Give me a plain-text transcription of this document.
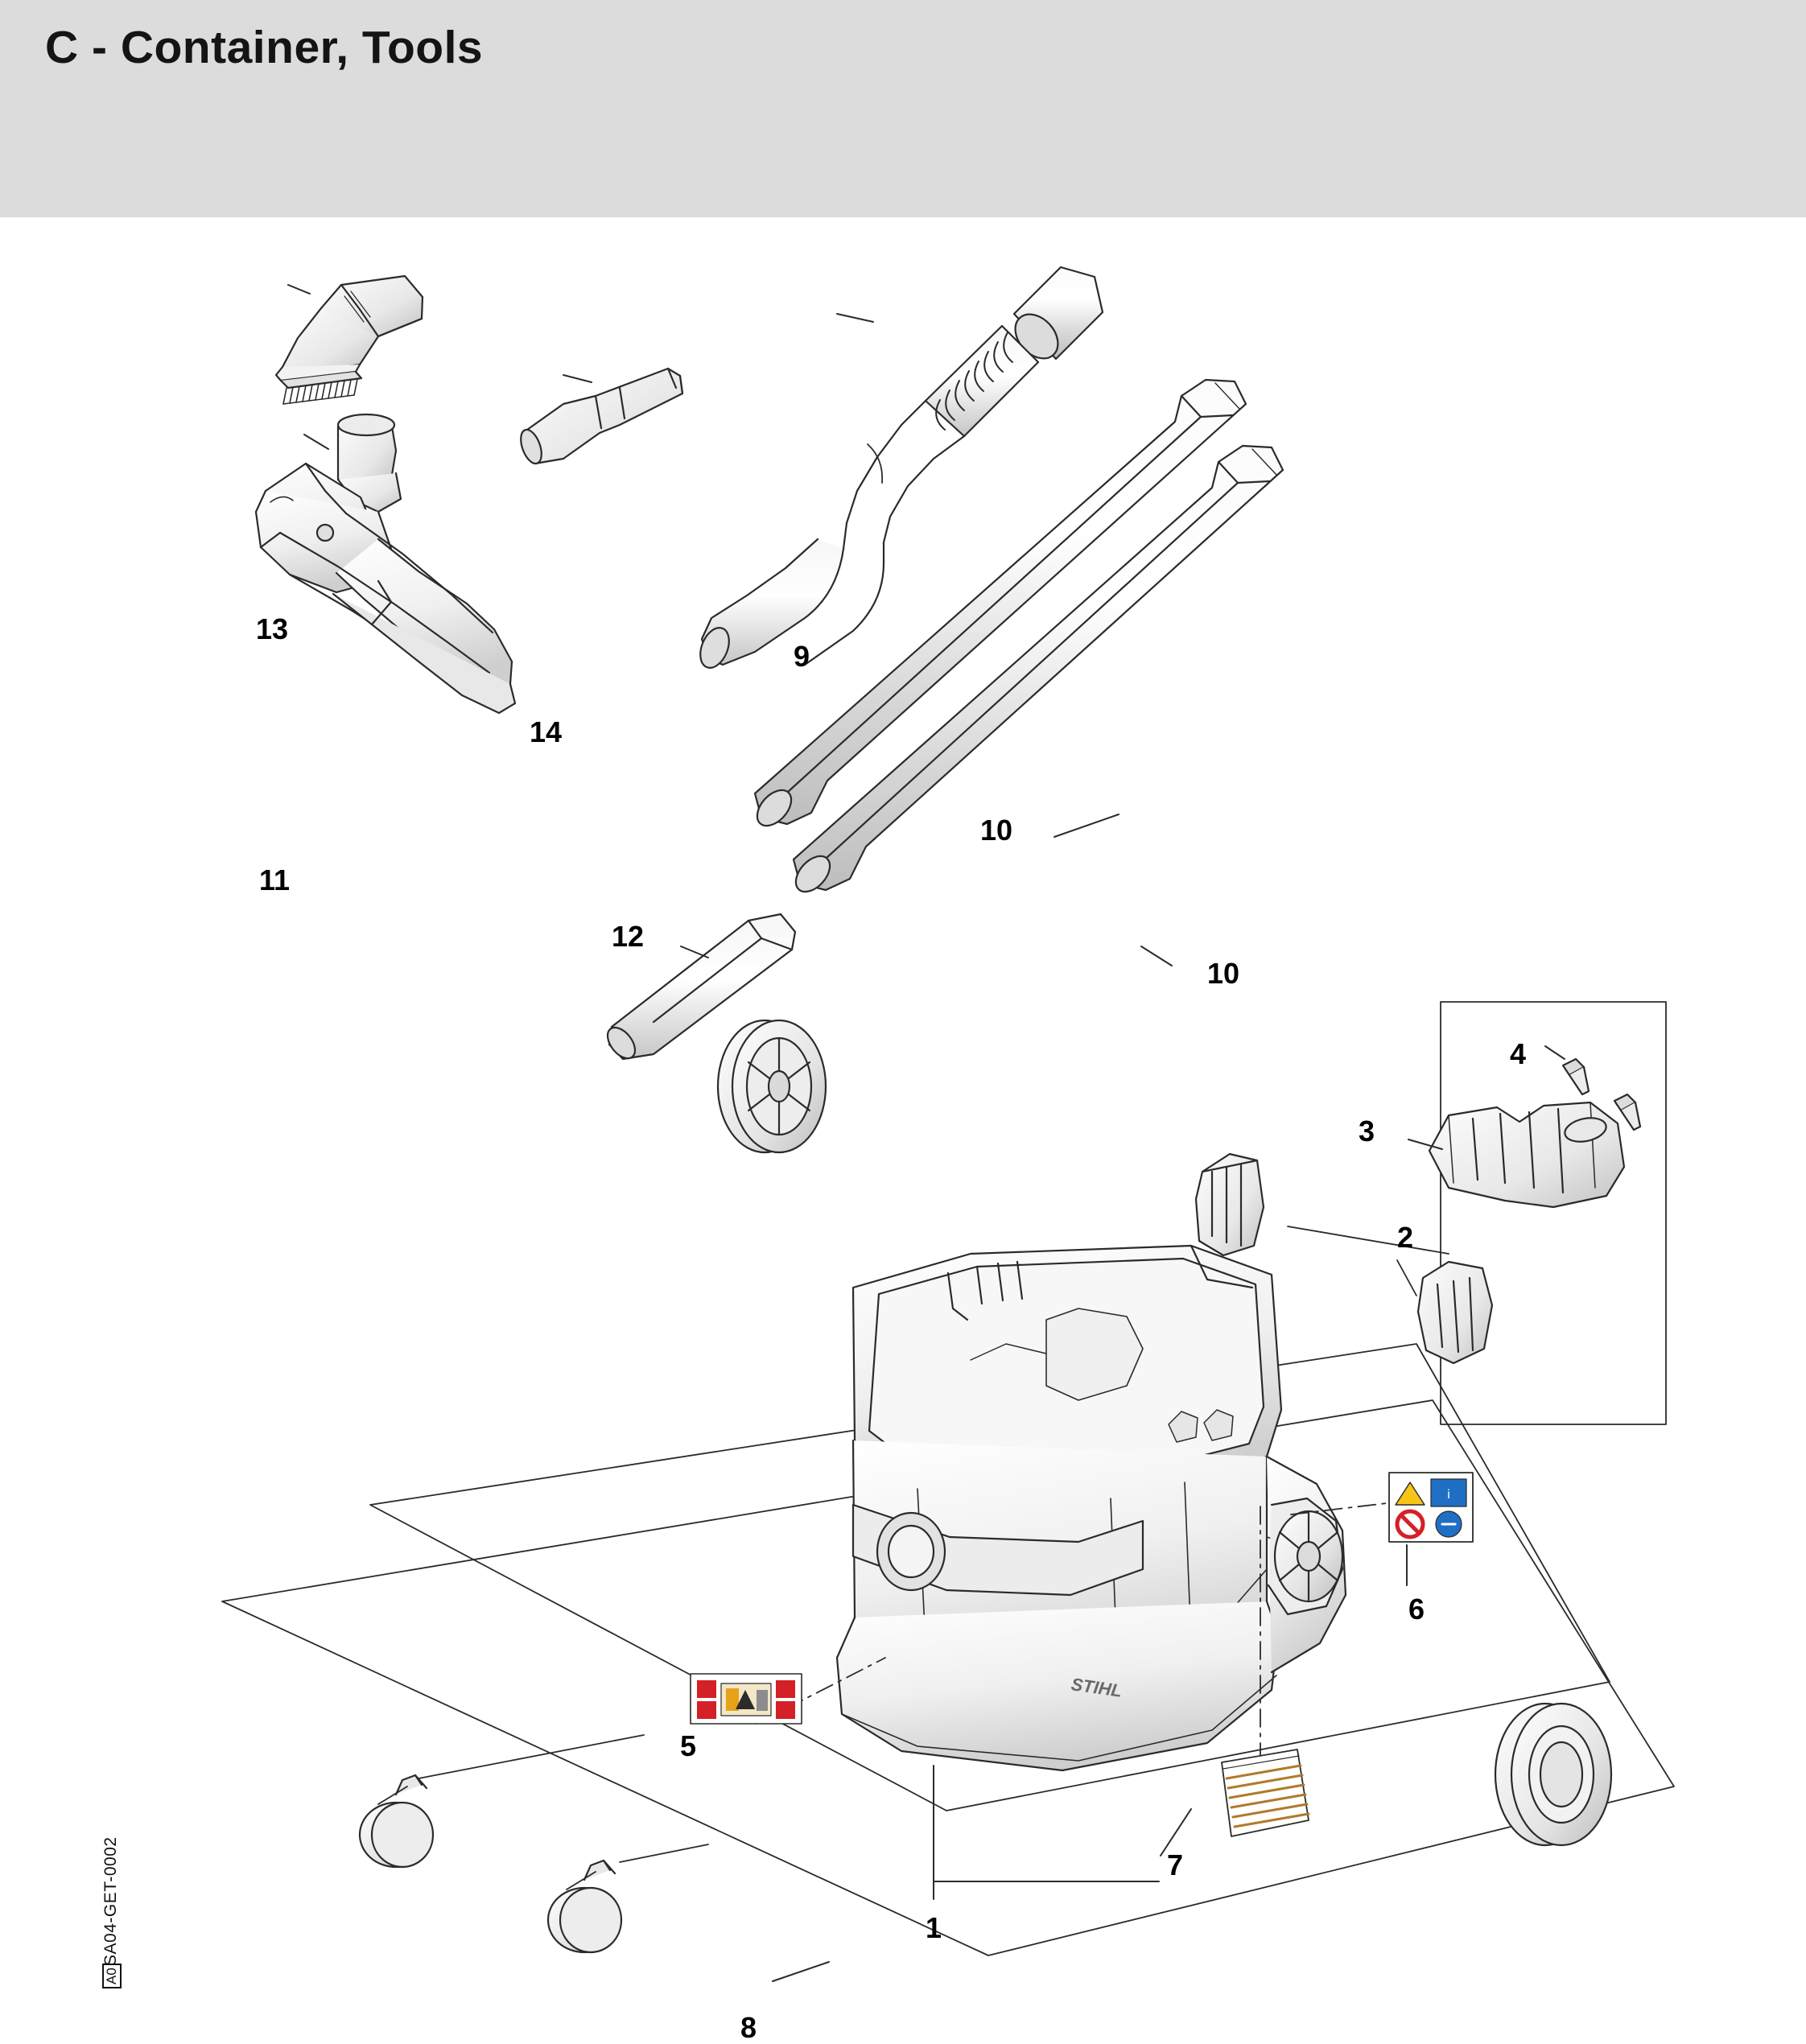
C - Container, Tools
STIHL
i
1
2
3
4
5
6
7
8
9
10
10
11
12
13
14
SA04-GET-0002
A0
